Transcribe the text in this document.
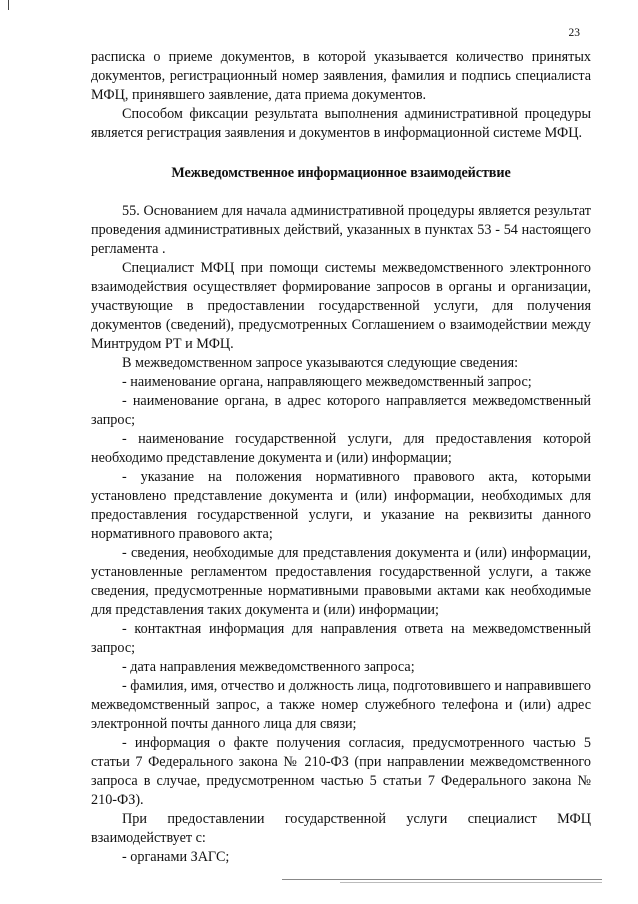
23

расписка о приеме документов, в которой указывается количество принятых документов, регистрационный номер заявления, фамилия и подпись специалиста МФЦ, принявшего заявление, дата приема документов.

Способом фиксации результата выполнения административной процедуры является регистрация заявления и документов в информационной системе МФЦ.

Межведомственное информационное взаимодействие

55. Основанием для начала административной процедуры является результат проведения административных действий, указанных в пунктах 53 - 54 настоящего регламента .

Специалист МФЦ при помощи системы межведомственного электронного взаимодействия осуществляет формирование запросов в органы и организации, участвующие в предоставлении государственной услуги, для получения документов (сведений), предусмотренных Соглашением о взаимодействии между Минтрудом РТ и МФЦ.

В межведомственном запросе указываются следующие сведения:

- наименование органа, направляющего межведомственный запрос;

- наименование органа, в адрес которого направляется межведомственный запрос;

- наименование государственной услуги, для предоставления которой необходимо представление документа и (или) информации;

- указание на положения нормативного правового акта, которыми установлено представление документа и (или) информации, необходимых для предоставления государственной услуги, и указание на реквизиты данного нормативного правового акта;

- сведения, необходимые для представления документа и (или) информации, установленные регламентом предоставления государственной услуги, а также сведения, предусмотренные нормативными правовыми актами как необходимые для представления таких документа и (или) информации;

- контактная информация для направления ответа на межведомственный запрос;

- дата направления межведомственного запроса;

- фамилия, имя, отчество и должность лица, подготовившего и направившего межведомственный запрос, а также номер служебного телефона и (или) адрес электронной почты данного лица для связи;

- информация о факте получения согласия, предусмотренного частью 5 статьи 7 Федерального закона № 210-ФЗ (при направлении межведомственного запроса в случае, предусмотренном частью 5 статьи 7 Федерального закона № 210-ФЗ).

При предоставлении государственной услуги специалист МФЦ взаимодействует с:

- органами ЗАГС;
